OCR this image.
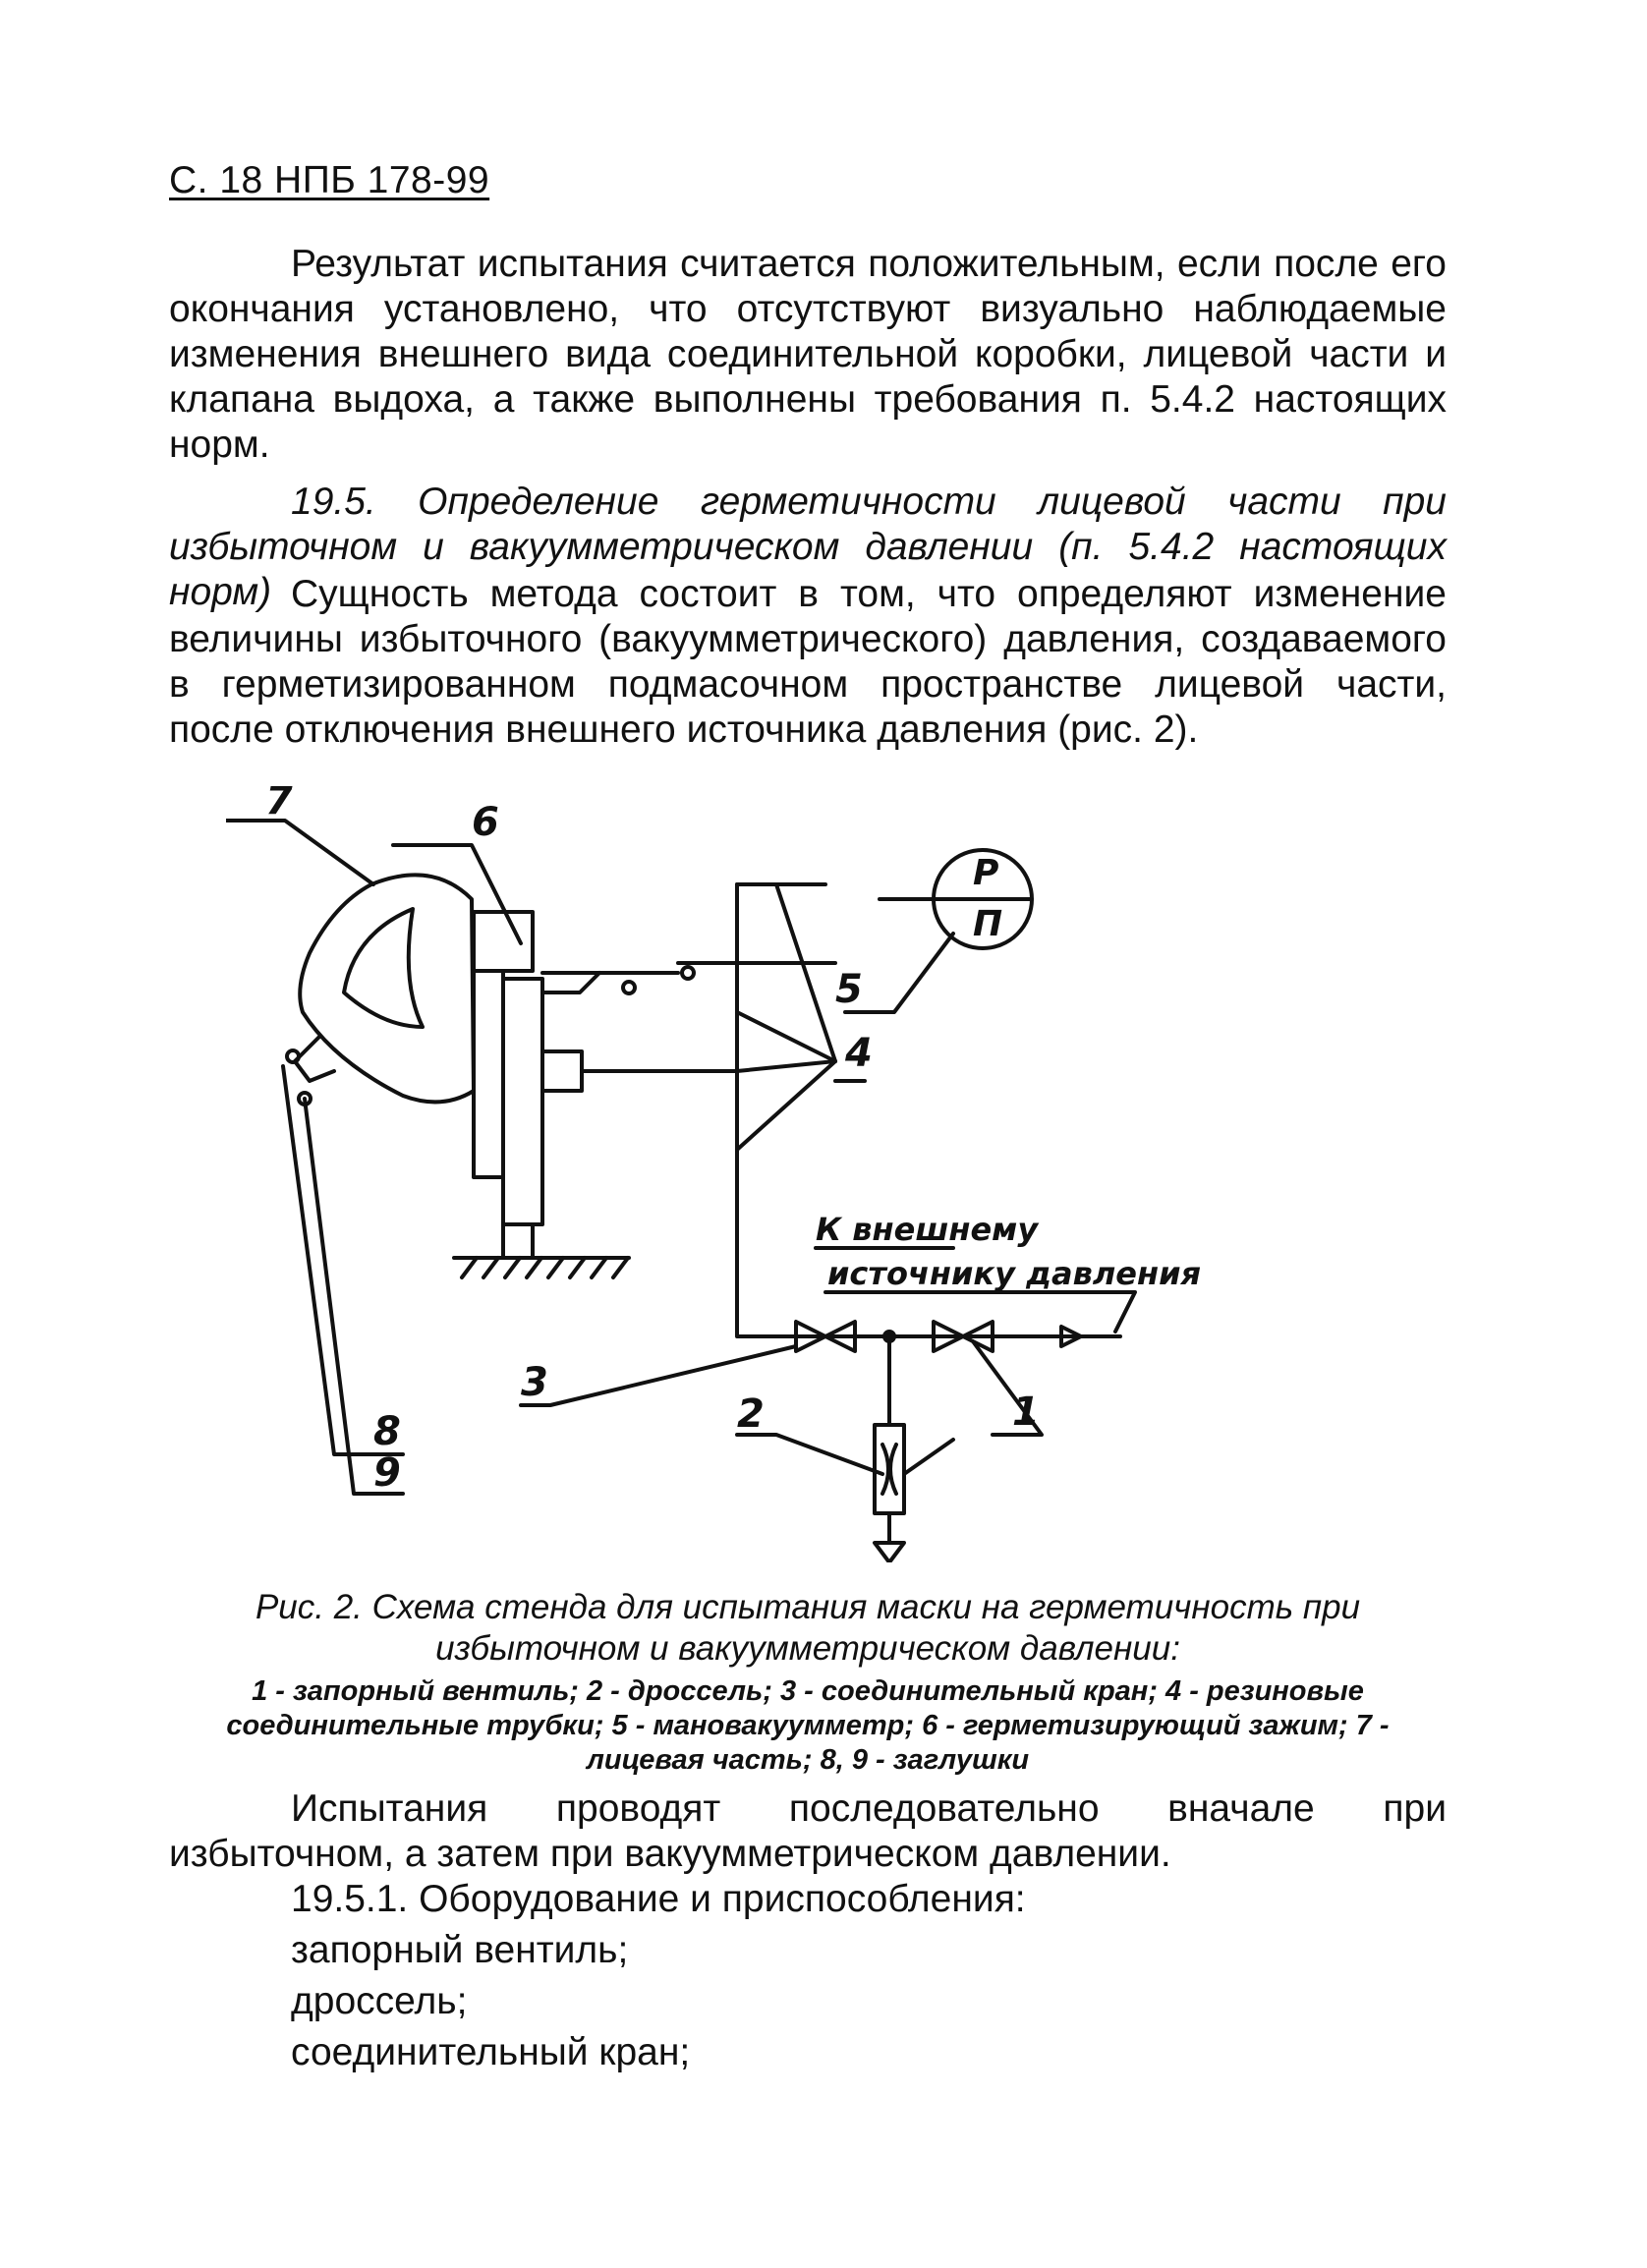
С. 18 НПБ 178-99

Результат испытания считается положительным, если после его окончания установлено, что отсутствуют визуально наблюдаемые изменения внешнего вида соединительной коробки, лицевой части и клапана выдоха, а также выполнены требования п. 5.4.2 настоящих норм.

19.5. Определение герметичности лицевой части при избыточном и вакуумметрическом давлении (п. 5.4.2 настоящих норм) Сущность метода состоит в том, что определяют изменение величины избыточного (вакуумметрического) давления, создаваемого в герметизированном подмасочном пространстве лицевой части, после отключения внешнего источника давления (рис. 2).

Р
П
К внешнему
источнику давления
7	6
5
4
3
2	1
8
9

Рис. 2. Схема стенда для испытания маски на герметичность при избыточном и вакуумметрическом давлении:

1 - запорный вентиль; 2 - дроссель; 3 - соединительный кран; 4 - резиновые соединительные трубки; 5 - мановакуумметр; 6 - герметизирующий зажим; 7 - лицевая часть; 8, 9 - заглушки

Испытания проводят последовательно вначале при избыточном, а затем при вакуумметрическом давлении.

19.5.1. Оборудование и приспособления:

запорный вентиль;

дроссель;

соединительный кран;
